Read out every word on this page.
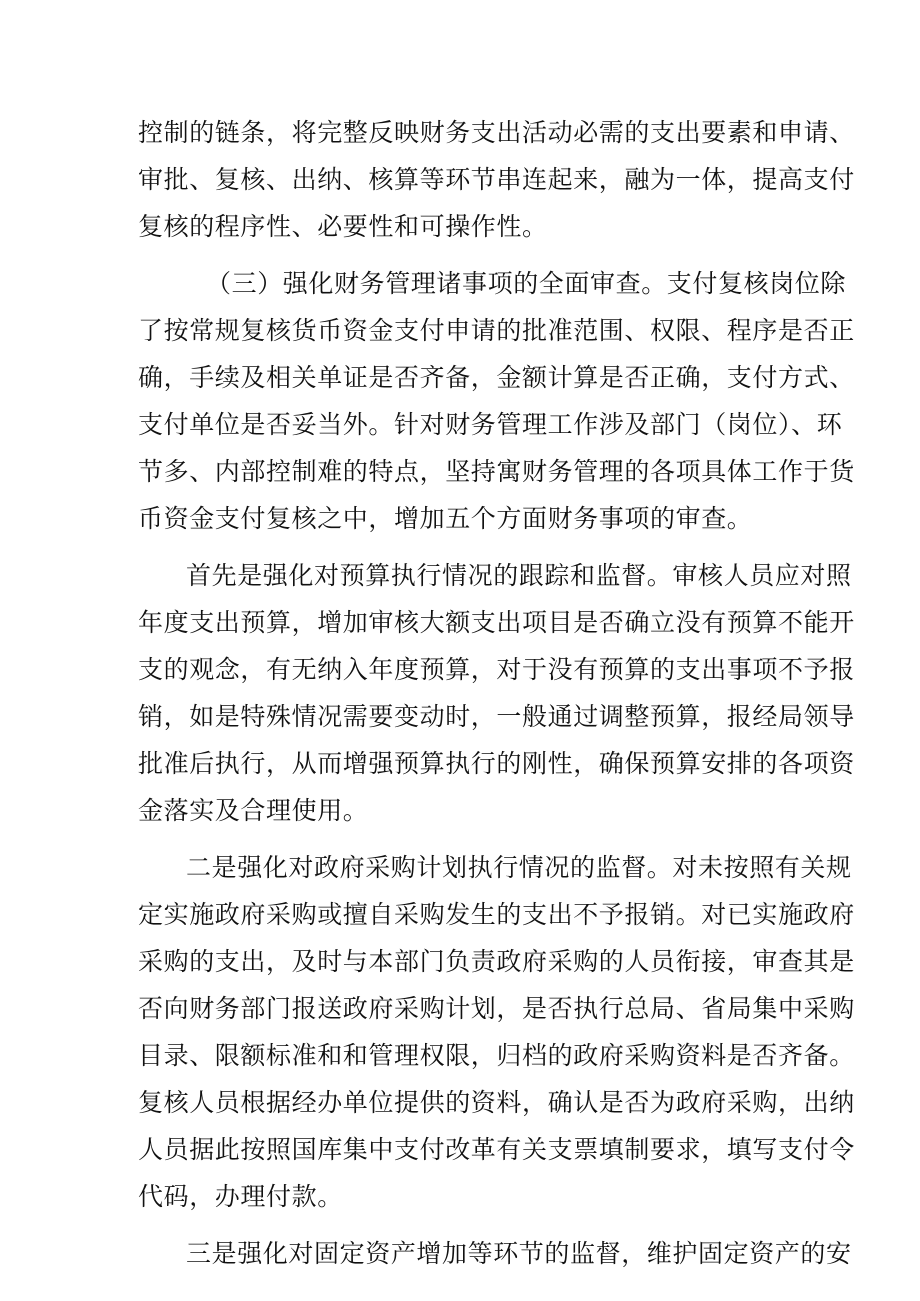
控制的链条，将完整反映财务支出活动必需的支出要素和申请、
审批、复核、出纳、核算等环节串连起来，融为一体，提高支付
复核的程序性、必要性和可操作性。
（三）强化财务管理诸事项的全面审查。支付复核岗位除
了按常规复核货币资金支付申请的批准范围、权限、程序是否正
确，手续及相关单证是否齐备，金额计算是否正确，支付方式、
支付单位是否妥当外。针对财务管理工作涉及部门（岗位）、环
节多、内部控制难的特点，坚持寓财务管理的各项具体工作于货
币资金支付复核之中，增加五个方面财务事项的审查。
首先是强化对预算执行情况的跟踪和监督。审核人员应对照
年度支出预算，增加审核大额支出项目是否确立没有预算不能开
支的观念，有无纳入年度预算，对于没有预算的支出事项不予报
销，如是特殊情况需要变动时，一般通过调整预算，报经局领导
批准后执行，从而增强预算执行的刚性，确保预算安排的各项资
金落实及合理使用。
二是强化对政府采购计划执行情况的监督。对未按照有关规
定实施政府采购或擅自采购发生的支出不予报销。对已实施政府
采购的支出，及时与本部门负责政府采购的人员衔接，审查其是
否向财务部门报送政府采购计划，是否执行总局、省局集中采购
目录、限额标准和和管理权限，归档的政府采购资料是否齐备。
复核人员根据经办单位提供的资料，确认是否为政府采购，出纳
人员据此按照国库集中支付改革有关支票填制要求，填写支付令
代码，办理付款。
三是强化对固定资产增加等环节的监督，维护固定资产的安
